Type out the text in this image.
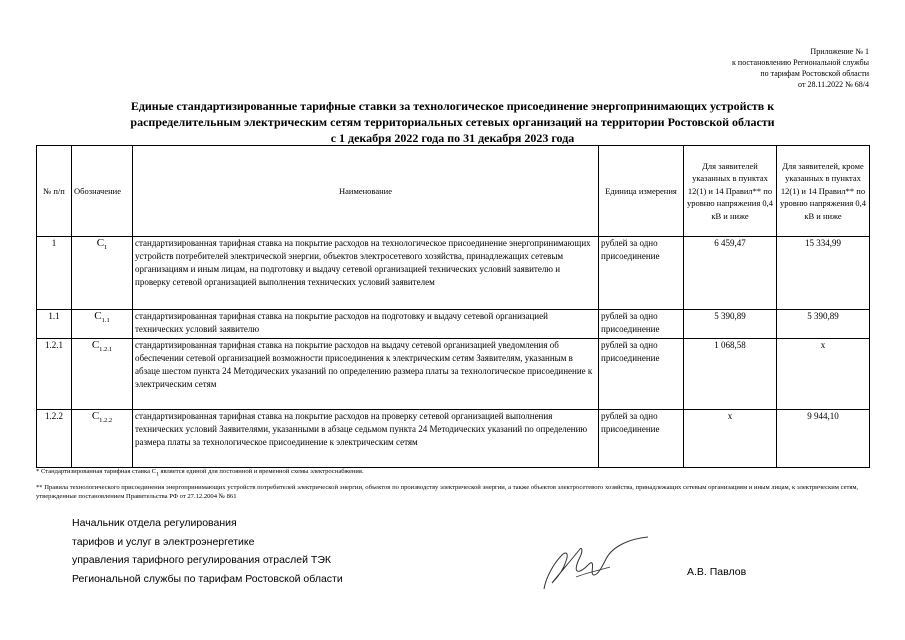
Приложение № 1
к постановлению Региональной службы
по тарифам Ростовской области
от 28.11.2022 № 68/4
Единые стандартизированные тарифные ставки за технологическое присоединение энергопринимающих устройств к
распределительным электрическим сетям территориальных сетевых организаций на территории Ростовской области
с 1 декабря 2022 года по 31 декабря 2023 года
№ п/п	Обозначение	Наименование	Единица измерения	Для заявителей указанных в пунктах 12(1) и 14 Правил** по уровню напряжения 0,4 кВ и ниже	Для заявителей, кроме указанных в пунктах 12(1) и 14 Правил** по уровню напряжения 0,4 кВ и ниже
1	$C_1$	стандартизированная тарифная ставка на покрытие расходов на технологическое присоединение энергопринимающих устройств потребителей электрической энергии, объектов электросетевого хозяйства, принадлежащих сетевым организациям и иным лицам, на подготовку и выдачу сетевой организацией технических условий заявителю и проверку сетевой организацией выполнения технических условий заявителем	рублей за одно присоединение	6 459,47	15 334,99
1.1	$C_{1.1}$	стандартизированная тарифная ставка на покрытие расходов на подготовку и выдачу сетевой организацией технических условий заявителю	рублей за одно присоединение	5 390,89	5 390,89
1.2.1	$C_{1.2.1}$	стандартизированная тарифная ставка на покрытие расходов на выдачу сетевой организацией уведомления об обеспечении сетевой организацией возможности присоединения к электрическим сетям Заявителям, указанным в абзаце шестом пункта 24 Методических указаний по определению размера платы за технологическое присоединение к электрическим сетям	рублей за одно присоединение	1 068,58	х
1.2.2	$C_{1.2.2}$	стандартизированная тарифная ставка на покрытие расходов на проверку сетевой организацией выполнения технических условий Заявителями, указанными в абзаце седьмом пункта 24 Методических указаний по определению размера платы за технологическое присоединение к электрическим сетям	рублей за одно присоединение	х	9 944,10
* Стандартизированная тарифная ставка $C_1$ является единой для постоянной и временной схемы электроснабжения.
** Правила технологического присоединения энергопринимающих устройств потребителей электрической энергии, объектов по производству электрической энергии, а также объектов электросетевого хозяйства, принадлежащих сетевым организациям и иным лицам, к электрическим сетям, утвержденные постановлением Правительства РФ от 27.12.2004 № 861
Начальник отдела регулирования
тарифов и услуг в электроэнергетике
управления тарифного регулирования отраслей ТЭК
Региональной службы по тарифам Ростовской области
А.В. Павлов
